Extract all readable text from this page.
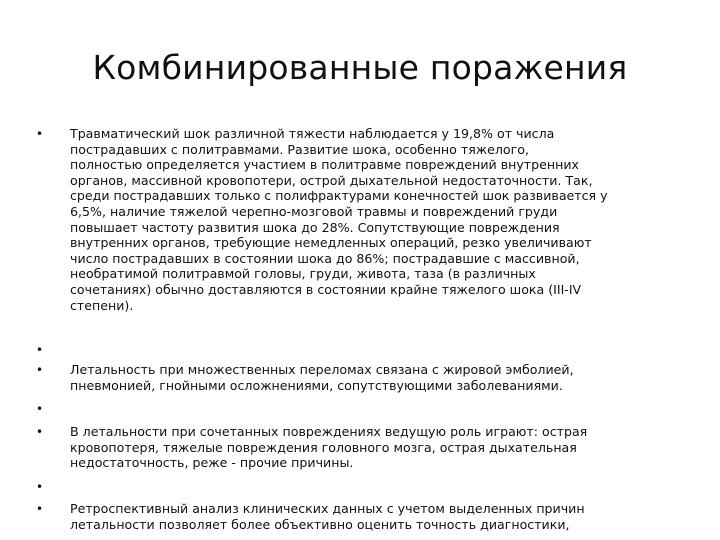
Комбинированные поражения
•
•
•
•
•
•
•
Травматический шок различной тяжести наблюдается у 19,8% от числа
пострадавших с политравмами. Развитие шока, особенно тяжелого,
полностью определяется участием в политравме повреждений внутренних
органов, массивной кровопотери, острой дыхательной недостаточности. Так,
среди пострадавших только с полифрактурами конечностей шок развивается у
6,5%, наличие тяжелой черепно-мозговой травмы и повреждений груди
повышает частоту развития шока до 28%. Сопутствующие повреждения
внутренних органов, требующие немедленных операций, резко увеличивают
число пострадавших в состоянии шока до 86%; пострадавшие с массивной,
необратимой политравмой головы, груди, живота, таза (в различных
сочетаниях) обычно доставляются в состоянии крайне тяжелого шока (III-IV
степени).
Летальность при множественных переломах связана с жировой эмболией,
пневмонией, гнойными осложнениями, сопутствующими заболеваниями.
В летальности при сочетанных повреждениях ведущую роль играют: острая
кровопотеря, тяжелые повреждения головного мозга, острая дыхательная
недостаточность, реже - прочие причины.
Ретроспективный анализ клинических данных с учетом выделенных причин
летальности позволяет более объективно оценить точность диагностики,
